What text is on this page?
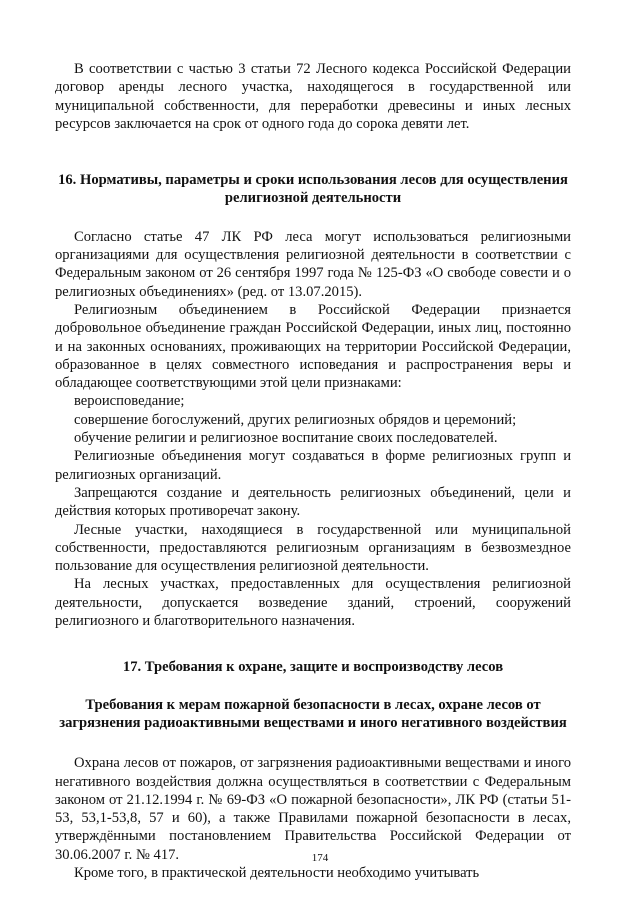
В соответствии с частью 3 статьи 72 Лесного кодекса Российской Федерации договор аренды лесного участка, находящегося в государственной или муниципальной собственности, для переработки древесины и иных лесных ресурсов заключается на срок от одного года до сорока девяти лет.

16. Нормативы, параметры и сроки использования лесов для осуществления религиозной деятельности

Согласно статье 47 ЛК РФ леса могут использоваться религиозными организациями для осуществления религиозной деятельности в соответствии с Федеральным законом от 26 сентября 1997 года № 125-ФЗ «О свободе совести и о религиозных объединениях» (ред. от 13.07.2015).

Религиозным объединением в Российской Федерации признается добровольное объединение граждан Российской Федерации, иных лиц, постоянно и на законных основаниях, проживающих на территории Российской Федерации, образованное в целях совместного исповедания и распространения веры и обладающее соответствующими этой цели признаками:

вероисповедание;

совершение богослужений, других религиозных обрядов и церемоний;

обучение религии и религиозное воспитание своих последователей.

Религиозные объединения могут создаваться в форме религиозных групп и религиозных организаций.

Запрещаются создание и деятельность религиозных объединений, цели и действия которых противоречат закону.

Лесные участки, находящиеся в государственной или муниципальной собственности, предоставляются религиозным организациям в безвозмездное пользование для осуществления религиозной деятельности.

На лесных участках, предоставленных для осуществления религиозной деятельности, допускается возведение зданий, строений, сооружений религиозного и благотворительного назначения.

17. Требования к охране, защите и воспроизводству лесов

Требования к мерам пожарной безопасности в лесах, охране лесов от загрязнения радиоактивными веществами и иного негативного воздействия

Охрана лесов от пожаров, от загрязнения радиоактивными веществами и иного негативного воздействия должна осуществляться в соответствии с Федеральным законом от 21.12.1994 г. № 69-ФЗ «О пожарной безопасности», ЛК РФ (статьи 51-53, 53,1-53,8, 57 и 60), а также Правилами пожарной безопасности в лесах, утверждёнными постановлением Правительства Российской Федерации от 30.06.2007 г. № 417.

Кроме того, в практической деятельности необходимо учитывать

174
